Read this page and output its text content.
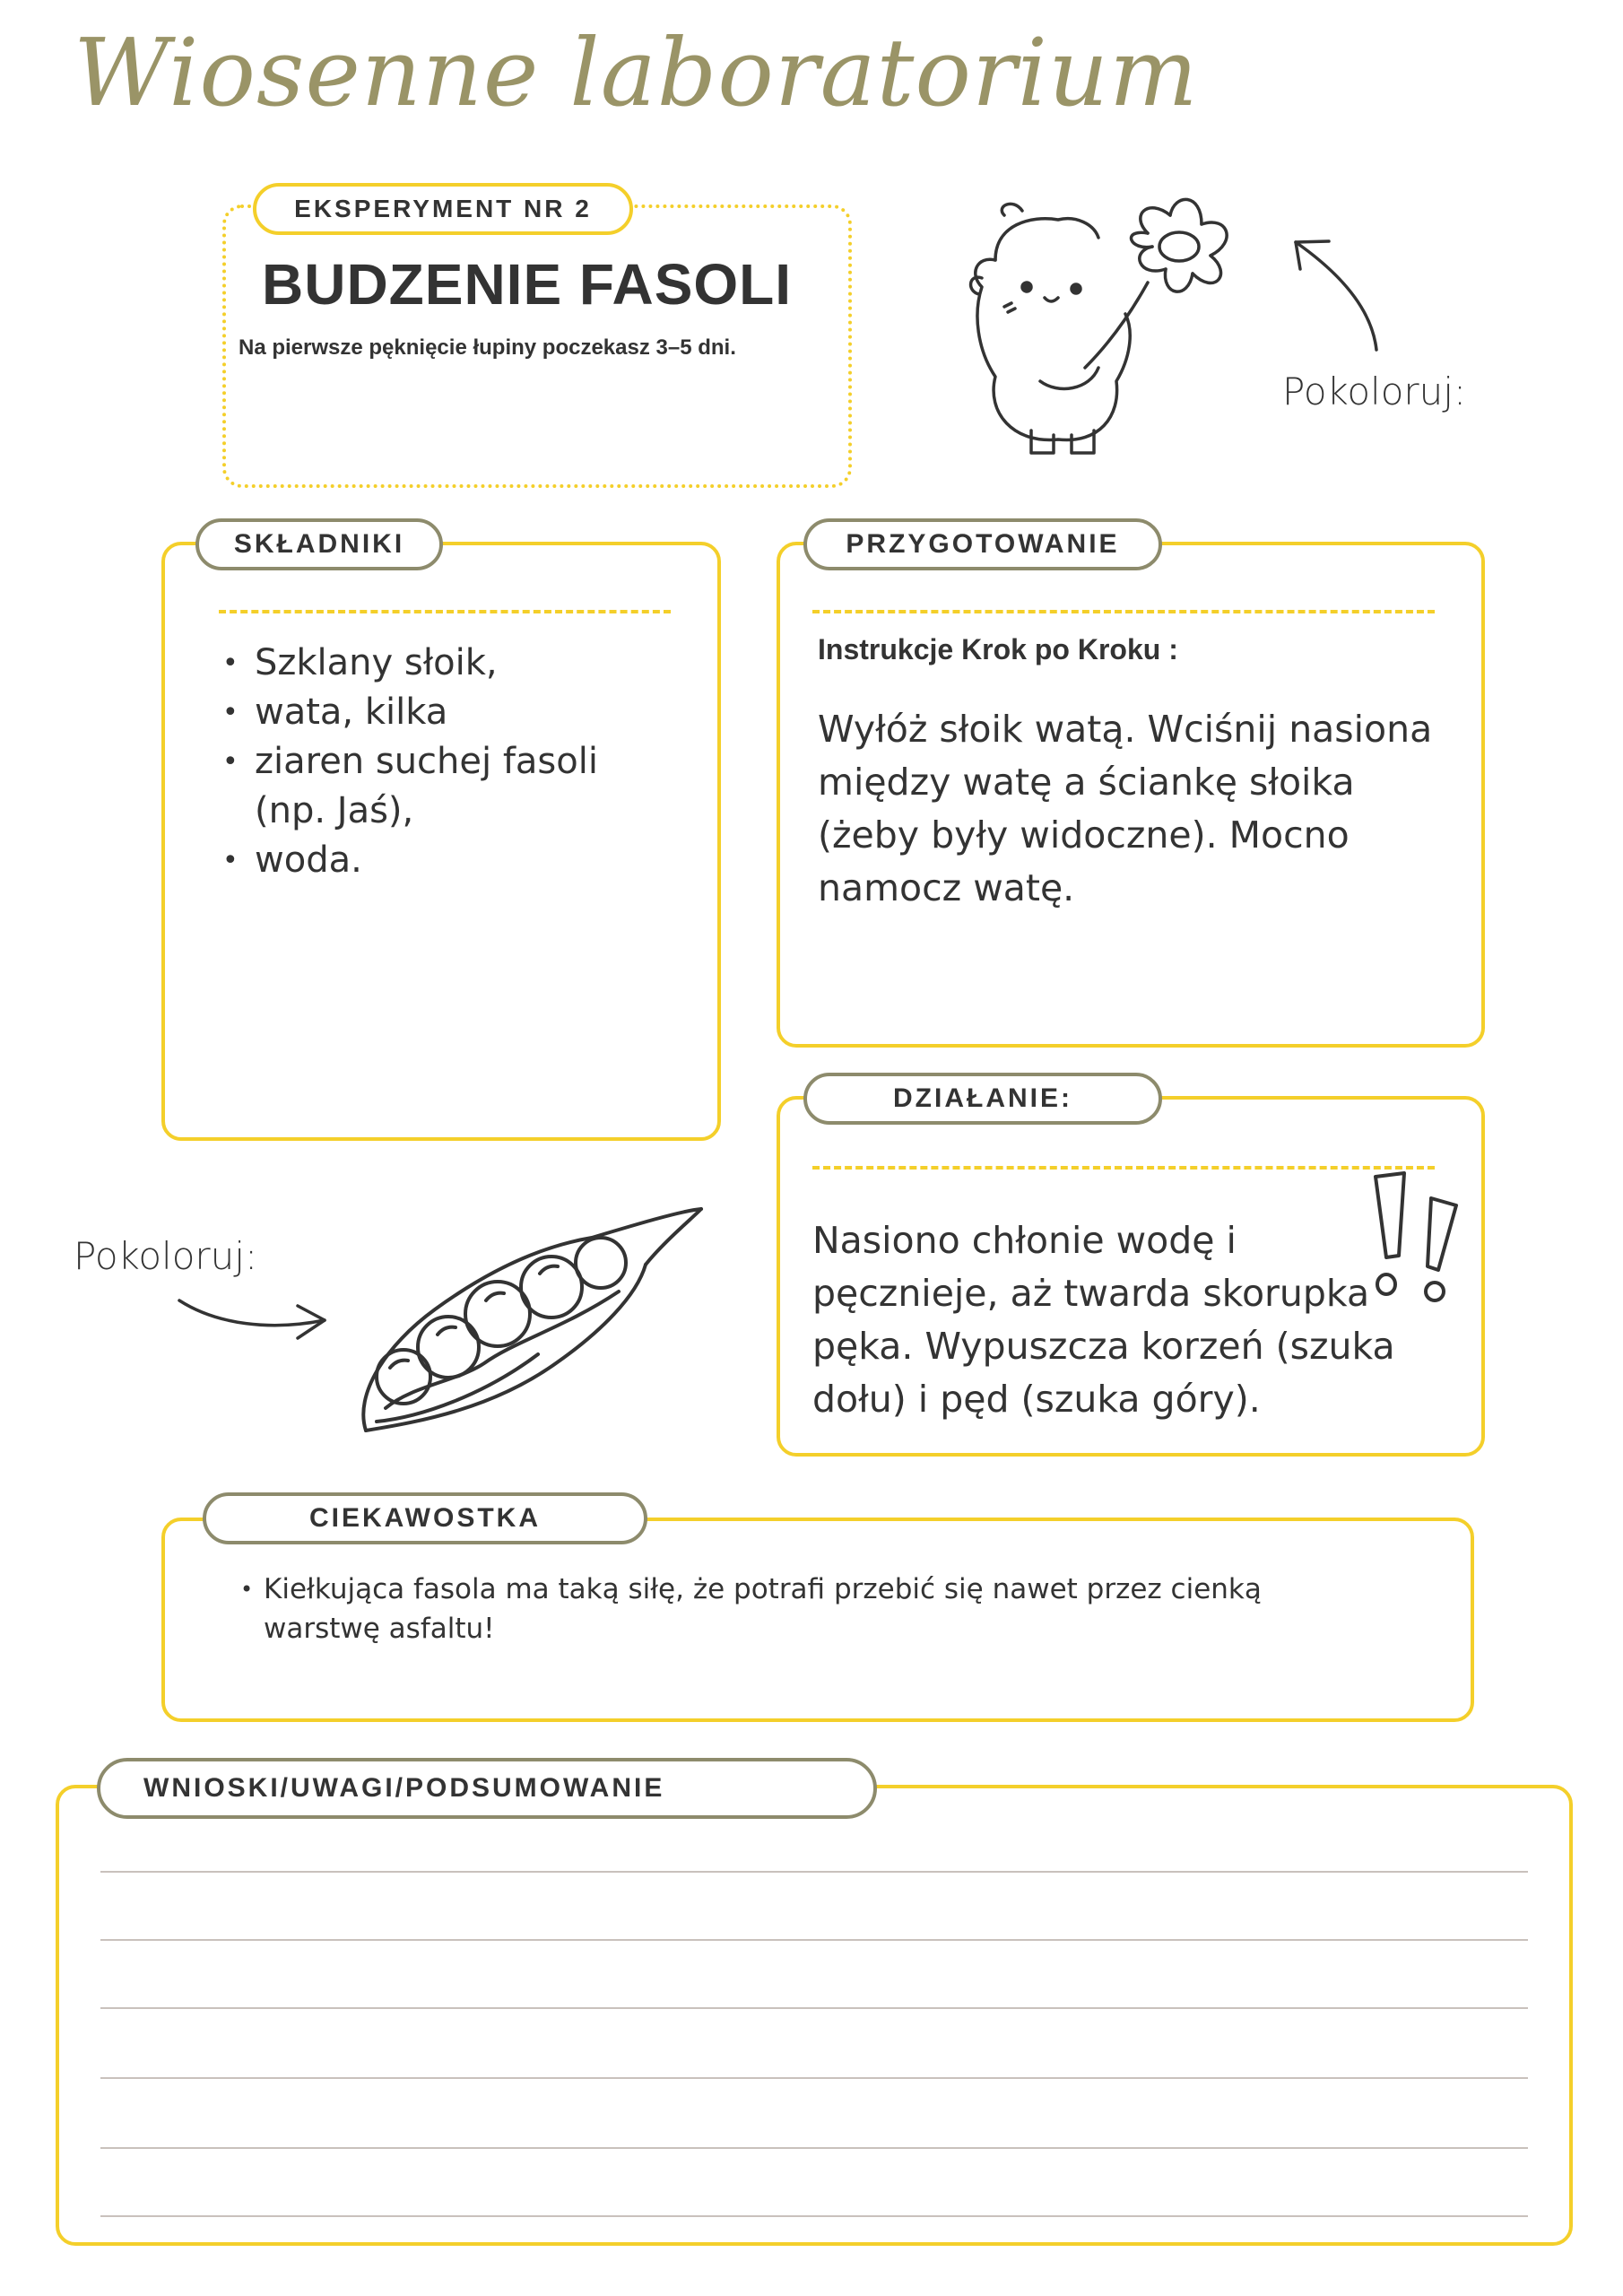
Wiosenne laboratorium
EKSPERYMENT NR 2
BUDZENIE FASOLI
Na pierwsze pęknięcie łupiny poczekasz 3–5 dni.
Pokoloruj:
SKŁADNIKI
• Szklany słoik,
• wata, kilka
• ziaren suchej fasoli (np. Jaś),
• woda.
PRZYGOTOWANIE
Instrukcje Krok po Kroku :
Wyłóż słoik watą. Wciśnij nasiona między watę a ściankę słoika (żeby były widoczne). Mocno namocz watę.
DZIAŁANIE:
Nasiono chłonie wodę i pęcznieje, aż twarda skorupka pęka. Wypuszcza korzeń (szuka dołu) i pęd (szuka góry).
Pokoloruj:
CIEKAWOSTKA
• Kiełkująca fasola ma taką siłę, że potrafi przebić się nawet przez cienką warstwę asfaltu!
WNIOSKI/UWAGI/PODSUMOWANIE
